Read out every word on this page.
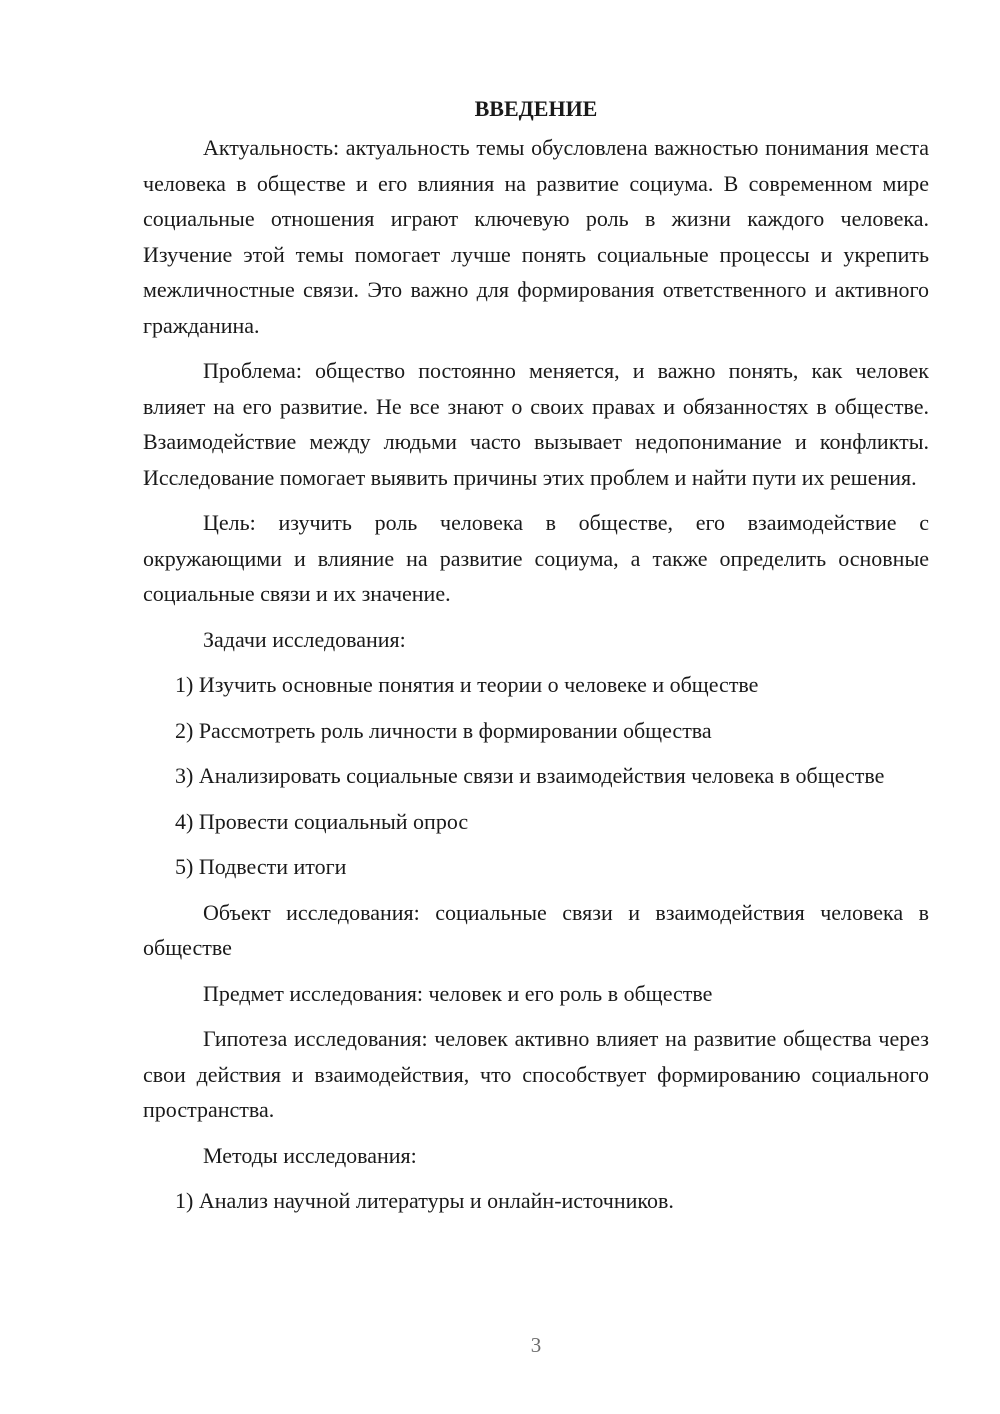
ВВЕДЕНИЕ

Актуальность: актуальность темы обусловлена важностью понимания места человека в обществе и его влияния на развитие социума. В современном мире социальные отношения играют ключевую роль в жизни каждого человека. Изучение этой темы помогает лучше понять социальные процессы и укрепить межличностные связи. Это важно для формирования ответственного и активного гражданина.

Проблема: общество постоянно меняется, и важно понять, как человек влияет на его развитие. Не все знают о своих правах и обязанностях в обществе. Взаимодействие между людьми часто вызывает недопонимание и конфликты. Исследование помогает выявить причины этих проблем и найти пути их решения.

Цель: изучить роль человека в обществе, его взаимодействие с окружающими и влияние на развитие социума, а также определить основные социальные связи и их значение.

Задачи исследования:

1) Изучить основные понятия и теории о человеке и обществе

2) Рассмотреть роль личности в формировании общества

3) Анализировать социальные связи и взаимодействия человека в обществе

4) Провести социальный опрос

5) Подвести итоги

Объект исследования: социальные связи и взаимодействия человека в обществе

Предмет исследования: человек и его роль в обществе

Гипотеза исследования: человек активно влияет на развитие общества через свои действия и взаимодействия, что способствует формированию социального пространства.

Методы исследования:

1) Анализ научной литературы и онлайн-источников.

3
